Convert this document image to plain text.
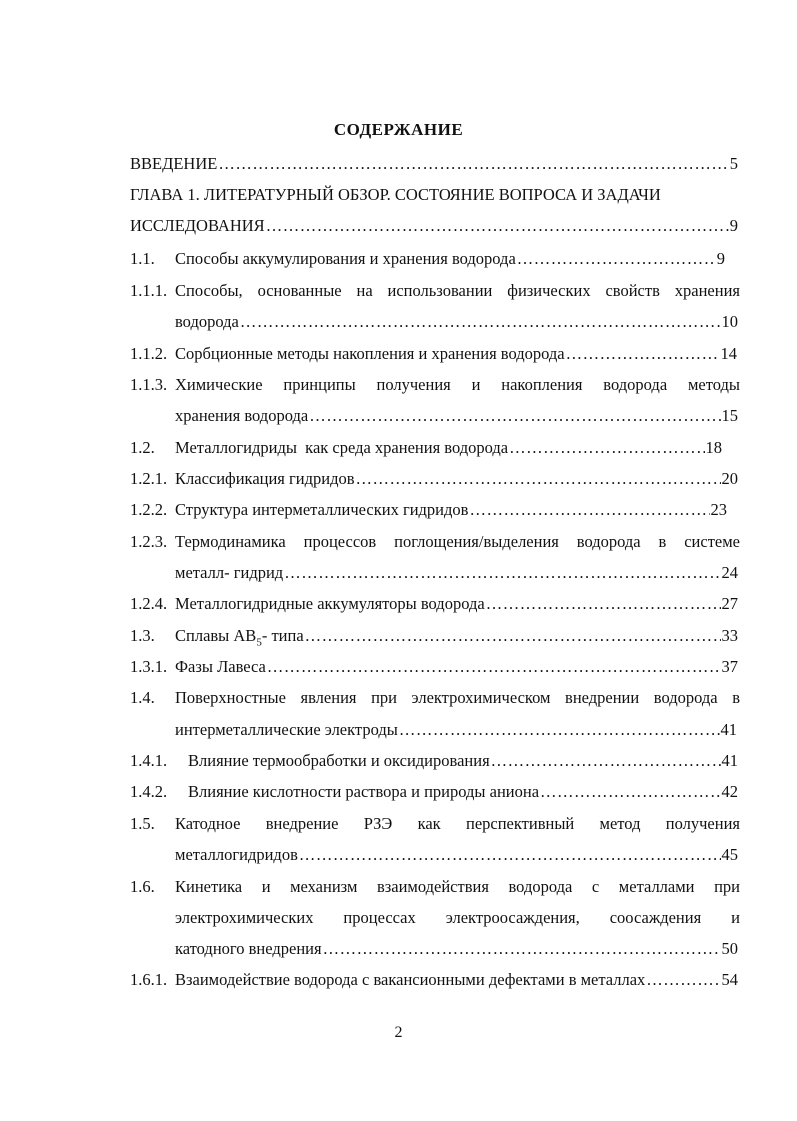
СОДЕРЖАНИЕ
ВВЕДЕНИЕ ……………………………………………………………………………………………………………………………………………………………………	5
ГЛАВА 1. ЛИТЕРАТУРНЫЙ ОБЗОР. СОСТОЯНИЕ ВОПРОСА И ЗАДАЧИ
ИССЛЕДОВАНИЯ ……………………………………………………………………………………………………………………………………………………………………	9
1.1.	Способы аккумулирования и хранения водорода ……………………………………………………………………………………………………………………………………………………………………	9
1.1.1. Способы, основанные на использовании физических свойств хранения
водорода ……………………………………………………………………………………………………………………………………………………………………	10
1.1.2. Сорбционные методы накопления и хранения водорода ……………………………………………………………………………………………………………………………………………………………………	14
1.1.3. Химические принципы получения и накопления водорода методы
хранения водорода ……………………………………………………………………………………………………………………………………………………………………	15
1.2.	Металлогидриды  как среда хранения водорода ……………………………………………………………………………………………………………………………………………………………………	18
1.2.1. Классификация гидридов ……………………………………………………………………………………………………………………………………………………………………	20
1.2.2. Структура интерметаллических гидридов ……………………………………………………………………………………………………………………………………………………………………	23
1.2.3. Термодинамика процессов поглощения/выделения водорода в системе
металл- гидрид ……………………………………………………………………………………………………………………………………………………………………	24
1.2.4. Металлогидридные аккумуляторы водорода ……………………………………………………………………………………………………………………………………………………………………	27
1.3.	Сплавы $AB_5-$ типа ……………………………………………………………………………………………………………………………………………………………………	33
1.3.1. Фазы Лавеса ……………………………………………………………………………………………………………………………………………………………………	37
1.4.	Поверхностные явления при электрохимическом внедрении водорода в
интерметаллические электроды ……………………………………………………………………………………………………………………………………………………………………	41
1.4.1.	Влияние термообработки и оксидирования ……………………………………………………………………………………………………………………………………………………………………	41
1.4.2.	Влияние кислотности раствора и природы аниона ……………………………………………………………………………………………………………………………………………………………………	42
1.5.	Катодное внедрение РЗЭ как перспективный метод получения
металлогидридов ……………………………………………………………………………………………………………………………………………………………………	45
1.6.	Кинетика и механизм взаимодействия водорода с металлами при
электрохимических процессах электроосаждения, соосаждения и
катодного внедрения ……………………………………………………………………………………………………………………………………………………………………	50
1.6.1. Взаимодействие водорода с вакансионными дефектами в металлах ……………………………………………………………………………………………………………………………………………………………………	54
2
